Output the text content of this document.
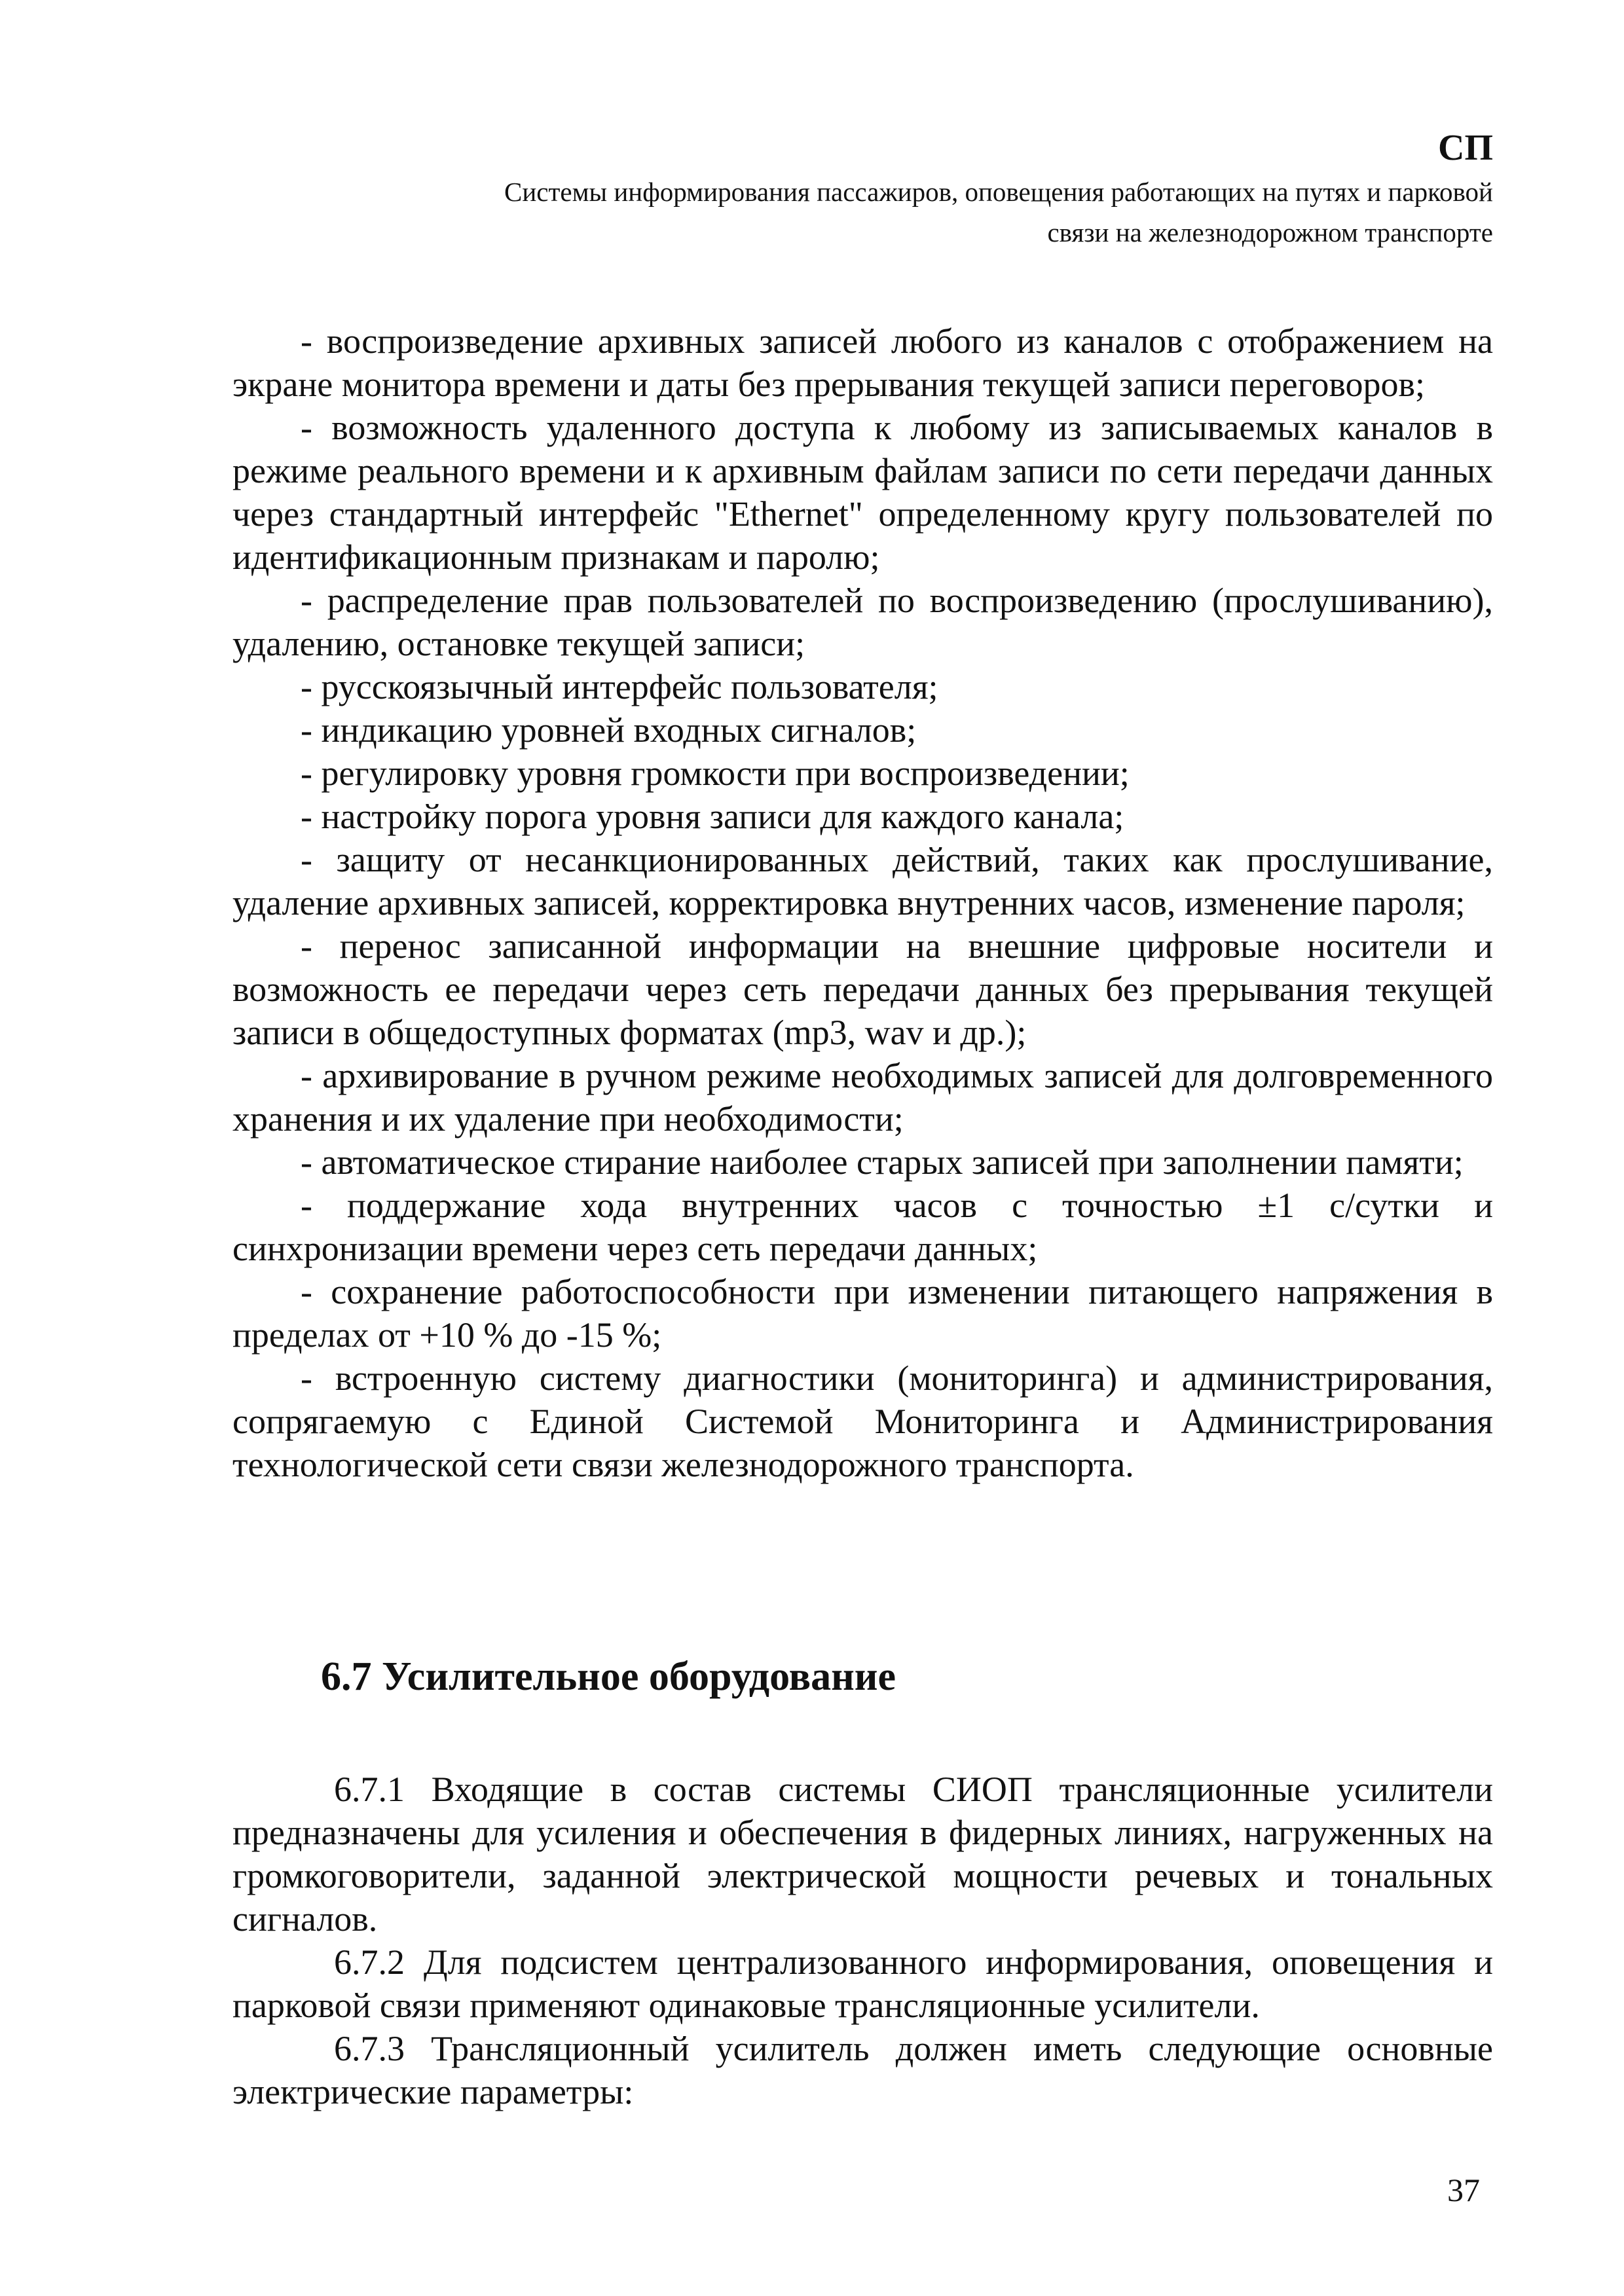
СП
Системы информирования пассажиров, оповещения работающих на путях и парковой
связи на железнодорожном транспорте

- воспроизведение архивных записей любого из каналов с отображением на экране монитора времени и даты без прерывания текущей записи переговоров;

- возможность удаленного доступа к любому из записываемых каналов в режиме реального времени и к архивным файлам записи по сети передачи данных через стандартный интерфейс "Ethernet" определенному кругу пользователей по идентификационным признакам и паролю;

- распределение прав пользователей по воспроизведению (прослушиванию), удалению, остановке текущей записи;

- русскоязычный интерфейс пользователя;

- индикацию уровней входных сигналов;

- регулировку уровня громкости при воспроизведении;

- настройку порога уровня записи для каждого канала;

- защиту от несанкционированных действий, таких как прослушивание, удаление архивных записей, корректировка внутренних часов, изменение пароля;

- перенос записанной информации на внешние цифровые носители и возможность ее передачи через сеть передачи данных без прерывания текущей записи в общедоступных форматах (mp3, wav и др.);

- архивирование в ручном режиме необходимых записей для долговременного хранения и их удаление при необходимости;

- автоматическое стирание наиболее старых записей при заполнении памяти;

- поддержание хода внутренних часов с точностью ±1 с/сутки и синхронизации времени через сеть передачи данных;

- сохранение работоспособности при изменении питающего напряжения в пределах от +10 % до -15 %;

- встроенную систему диагностики (мониторинга) и администрирования, сопрягаемую с Единой Системой Мониторинга и Администрирования технологической сети связи железнодорожного транспорта.

6.7 Усилительное оборудование

6.7.1 Входящие в состав системы СИОП трансляционные усилители предназначены для усиления и обеспечения в фидерных линиях, нагруженных на громкоговорители, заданной электрической мощности речевых и тональных сигналов.

6.7.2 Для подсистем централизованного информирования, оповещения и парковой связи применяют одинаковые трансляционные усилители.

6.7.3 Трансляционный усилитель должен иметь следующие основные электрические параметры:

37
